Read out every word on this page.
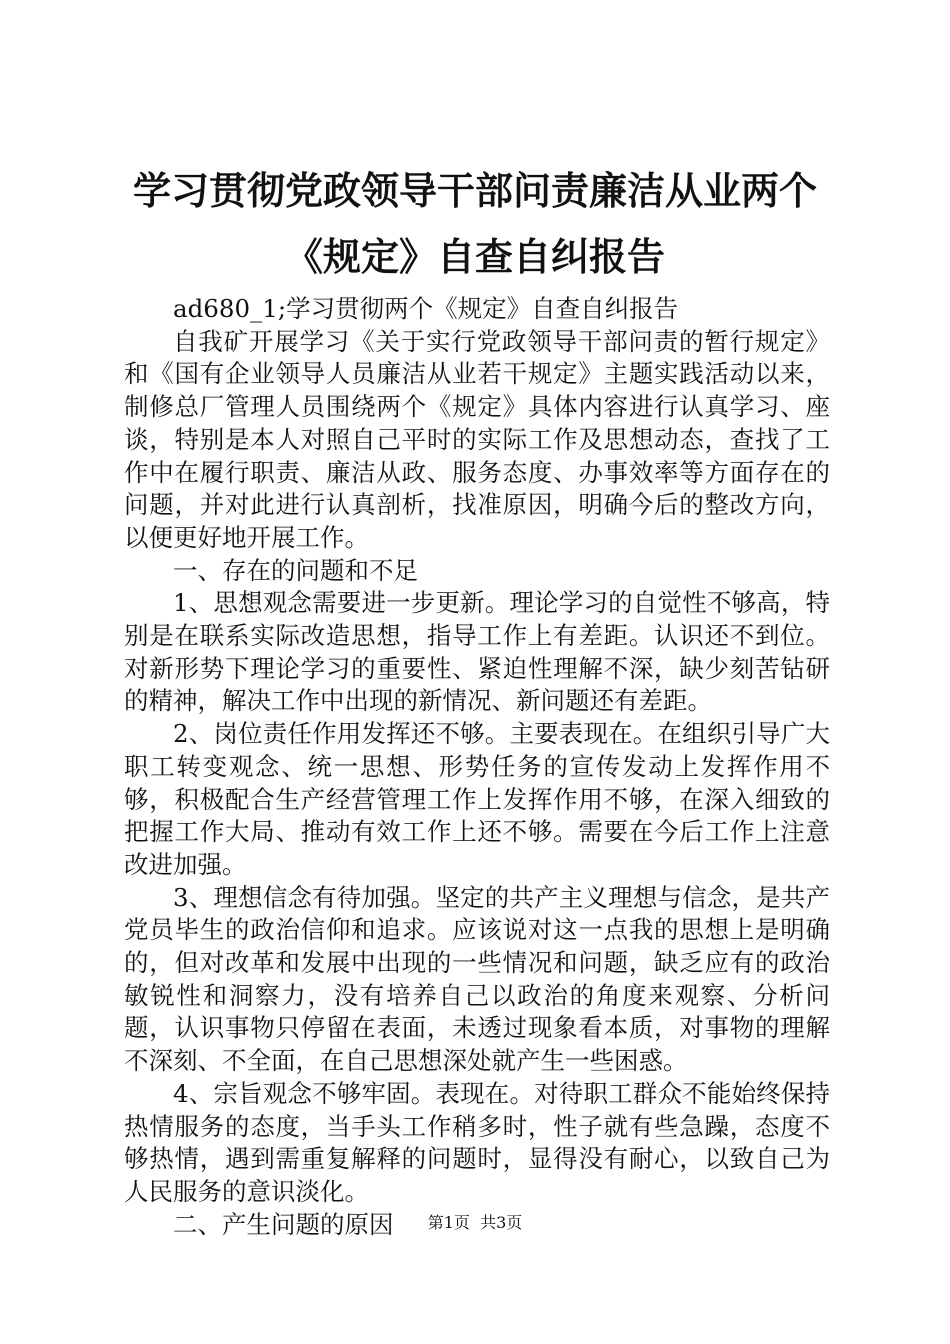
学习贯彻党政领导干部问责廉洁从业两个《规定》自查自纠报告

ad680_1;学习贯彻两个《规定》自查自纠报告

自我矿开展学习《关于实行党政领导干部问责的暂行规定》和《国有企业领导人员廉洁从业若干规定》主题实践活动以来，制修总厂管理人员围绕两个《规定》具体内容进行认真学习、座谈，特别是本人对照自己平时的实际工作及思想动态，查找了工作中在履行职责、廉洁从政、服务态度、办事效率等方面存在的问题，并对此进行认真剖析，找准原因，明确今后的整改方向，以便更好地开展工作。

一、存在的问题和不足

1、思想观念需要进一步更新。理论学习的自觉性不够高，特别是在联系实际改造思想，指导工作上有差距。认识还不到位。对新形势下理论学习的重要性、紧迫性理解不深，缺少刻苦钻研的精神，解决工作中出现的新情况、新问题还有差距。

2、岗位责任作用发挥还不够。主要表现在。在组织引导广大职工转变观念、统一思想、形势任务的宣传发动上发挥作用不够，积极配合生产经营管理工作上发挥作用不够，在深入细致的把握工作大局、推动有效工作上还不够。需要在今后工作上注意改进加强。

3、理想信念有待加强。坚定的共产主义理想与信念，是共产党员毕生的政治信仰和追求。应该说对这一点我的思想上是明确的，但对改革和发展中出现的一些情况和问题，缺乏应有的政治敏锐性和洞察力，没有培养自己以政治的角度来观察、分析问题，认识事物只停留在表面，未透过现象看本质，对事物的理解不深刻、不全面，在自己思想深处就产生一些困惑。

4、宗旨观念不够牢固。表现在。对待职工群众不能始终保持热情服务的态度，当手头工作稍多时，性子就有些急躁，态度不够热情，遇到需重复解释的问题时，显得没有耐心，以致自己为人民服务的意识淡化。

二、产生问题的原因	第1页  共3页
